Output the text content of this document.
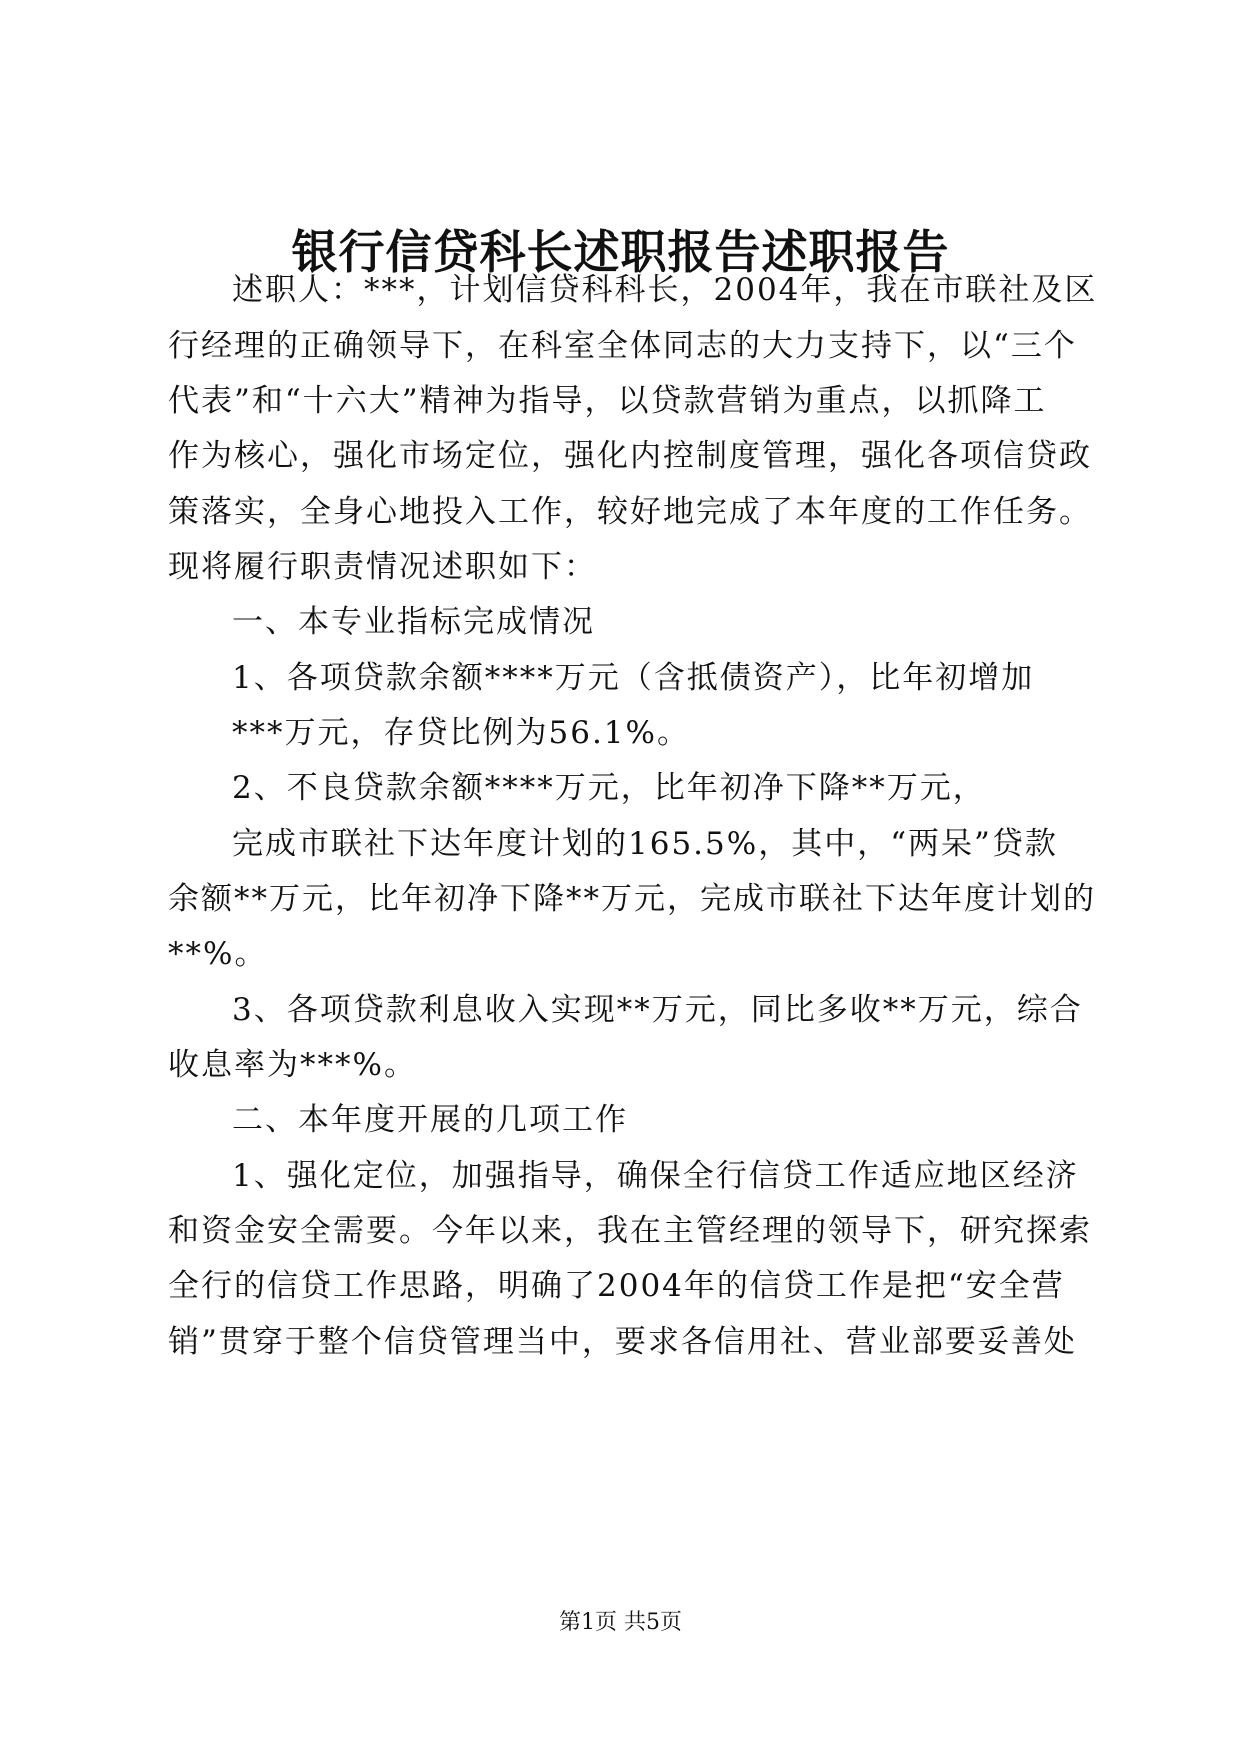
银行信贷科长述职报告述职报告

述职人：***，计划信贷科科长，2004年，我在市联社及区

行经理的正确领导下，在科室全体同志的大力支持下，以“三个

代表”和“十六大”精神为指导，以贷款营销为重点，以抓降工

作为核心，强化市场定位，强化内控制度管理，强化各项信贷政

策落实，全身心地投入工作，较好地完成了本年度的工作任务。

现将履行职责情况述职如下：

一、本专业指标完成情况

1、各项贷款余额****万元（含抵债资产），比年初增加

***万元，存贷比例为56.1%。

2、不良贷款余额****万元，比年初净下降**万元，

完成市联社下达年度计划的165.5%，其中，“两呆”贷款

余额**万元，比年初净下降**万元，完成市联社下达年度计划的

**%。

3、各项贷款利息收入实现**万元，同比多收**万元，综合

收息率为***%。

二、本年度开展的几项工作

1、强化定位，加强指导，确保全行信贷工作适应地区经济

和资金安全需要。今年以来，我在主管经理的领导下，研究探索

全行的信贷工作思路，明确了2004年的信贷工作是把“安全营

销”贯穿于整个信贷管理当中，要求各信用社、营业部要妥善处

第1页 共5页
